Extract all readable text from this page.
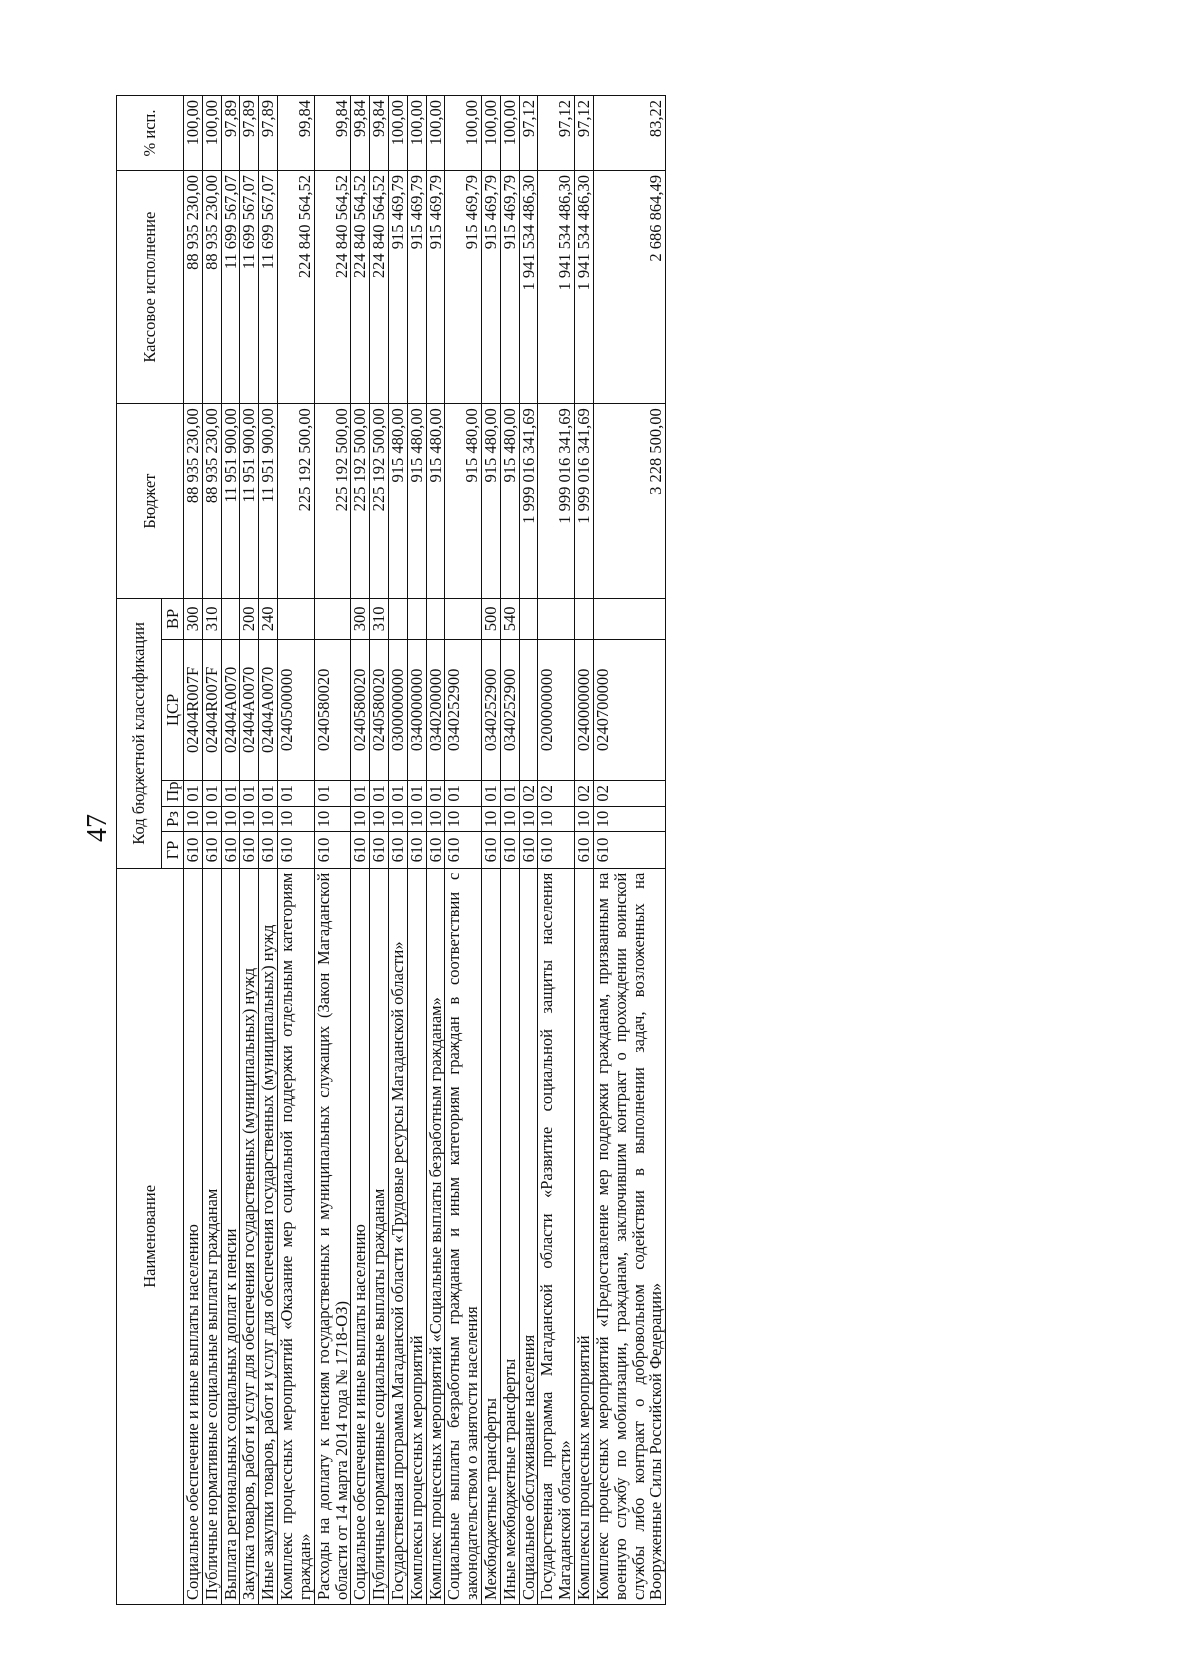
47
Наименование	Код бюджетной классификации					Бюджет	Кассовое исполнение	% исп.
	ГР	Рз	Пр	ЦСР	ВР			
Социальное обеспечение и иные выплаты населению	610	10	01	02404R007F	300	88 935 230,00	88 935 230,00	100,00
Публичные нормативные социальные выплаты гражданам	610	10	01	02404R007F	310	88 935 230,00	88 935 230,00	100,00
Выплата региональных социальных доплат к пенсии	610	10	01	02404A0070		11 951 900,00	11 699 567,07	97,89
Закупка товаров, работ и услуг для обеспечения государственных (муниципальных) нужд	610	10	01	02404A0070	200	11 951 900,00	11 699 567,07	97,89
Иные закупки товаров, работ и услуг для обеспечения государственных (муниципальных) нужд	610	10	01	02404A0070	240	11 951 900,00	11 699 567,07	97,89
Комплекс процессных мероприятий «Оказание мер социальной поддержки отдельным категориям граждан»	610	10	01	0240500000		225 192 500,00	224 840 564,52	99,84
Расходы на доплату к пенсиям государственных и муниципальных служащих (Закон Магаданской области от 14 марта 2014 года № 1718-ОЗ)	610	10	01	0240580020		225 192 500,00	224 840 564,52	99,84
Социальное обеспечение и иные выплаты населению	610	10	01	0240580020	300	225 192 500,00	224 840 564,52	99,84
Публичные нормативные социальные выплаты гражданам	610	10	01	0240580020	310	225 192 500,00	224 840 564,52	99,84
Государственная программа Магаданской области «Трудовые ресурсы Магаданской области»	610	10	01	0300000000		915 480,00	915 469,79	100,00
Комплексы процессных мероприятий	610	10	01	0340000000		915 480,00	915 469,79	100,00
Комплекс процессных мероприятий «Социальные выплаты безработным гражданам»	610	10	01	0340200000		915 480,00	915 469,79	100,00
Социальные выплаты безработным гражданам и иным категориям граждан в соответствии с законодательством о занятости населения	610	10	01	0340252900		915 480,00	915 469,79	100,00
Межбюджетные трансферты	610	10	01	0340252900	500	915 480,00	915 469,79	100,00
Иные межбюджетные трансферты	610	10	01	0340252900	540	915 480,00	915 469,79	100,00
Социальное обслуживание населения	610	10	02			1 999 016 341,69	1 941 534 486,30	97,12
Государственная программа Магаданской области «Развитие социальной защиты населения Магаданской области»	610	10	02	0200000000		1 999 016 341,69	1 941 534 486,30	97,12
Комплексы процессных мероприятий	610	10	02	0240000000		1 999 016 341,69	1 941 534 486,30	97,12
Комплекс процессных мероприятий «Предоставление мер поддержки гражданам, призванным на военную службу по мобилизации, гражданам, заключившим контракт о прохождении воинской службы либо контракт о добровольном содействии в выполнении задач, возложенных на Вооруженные Силы Российской Федерации»	610	10	02	0240700000		3 228 500,00	2 686 864,49	83,22
